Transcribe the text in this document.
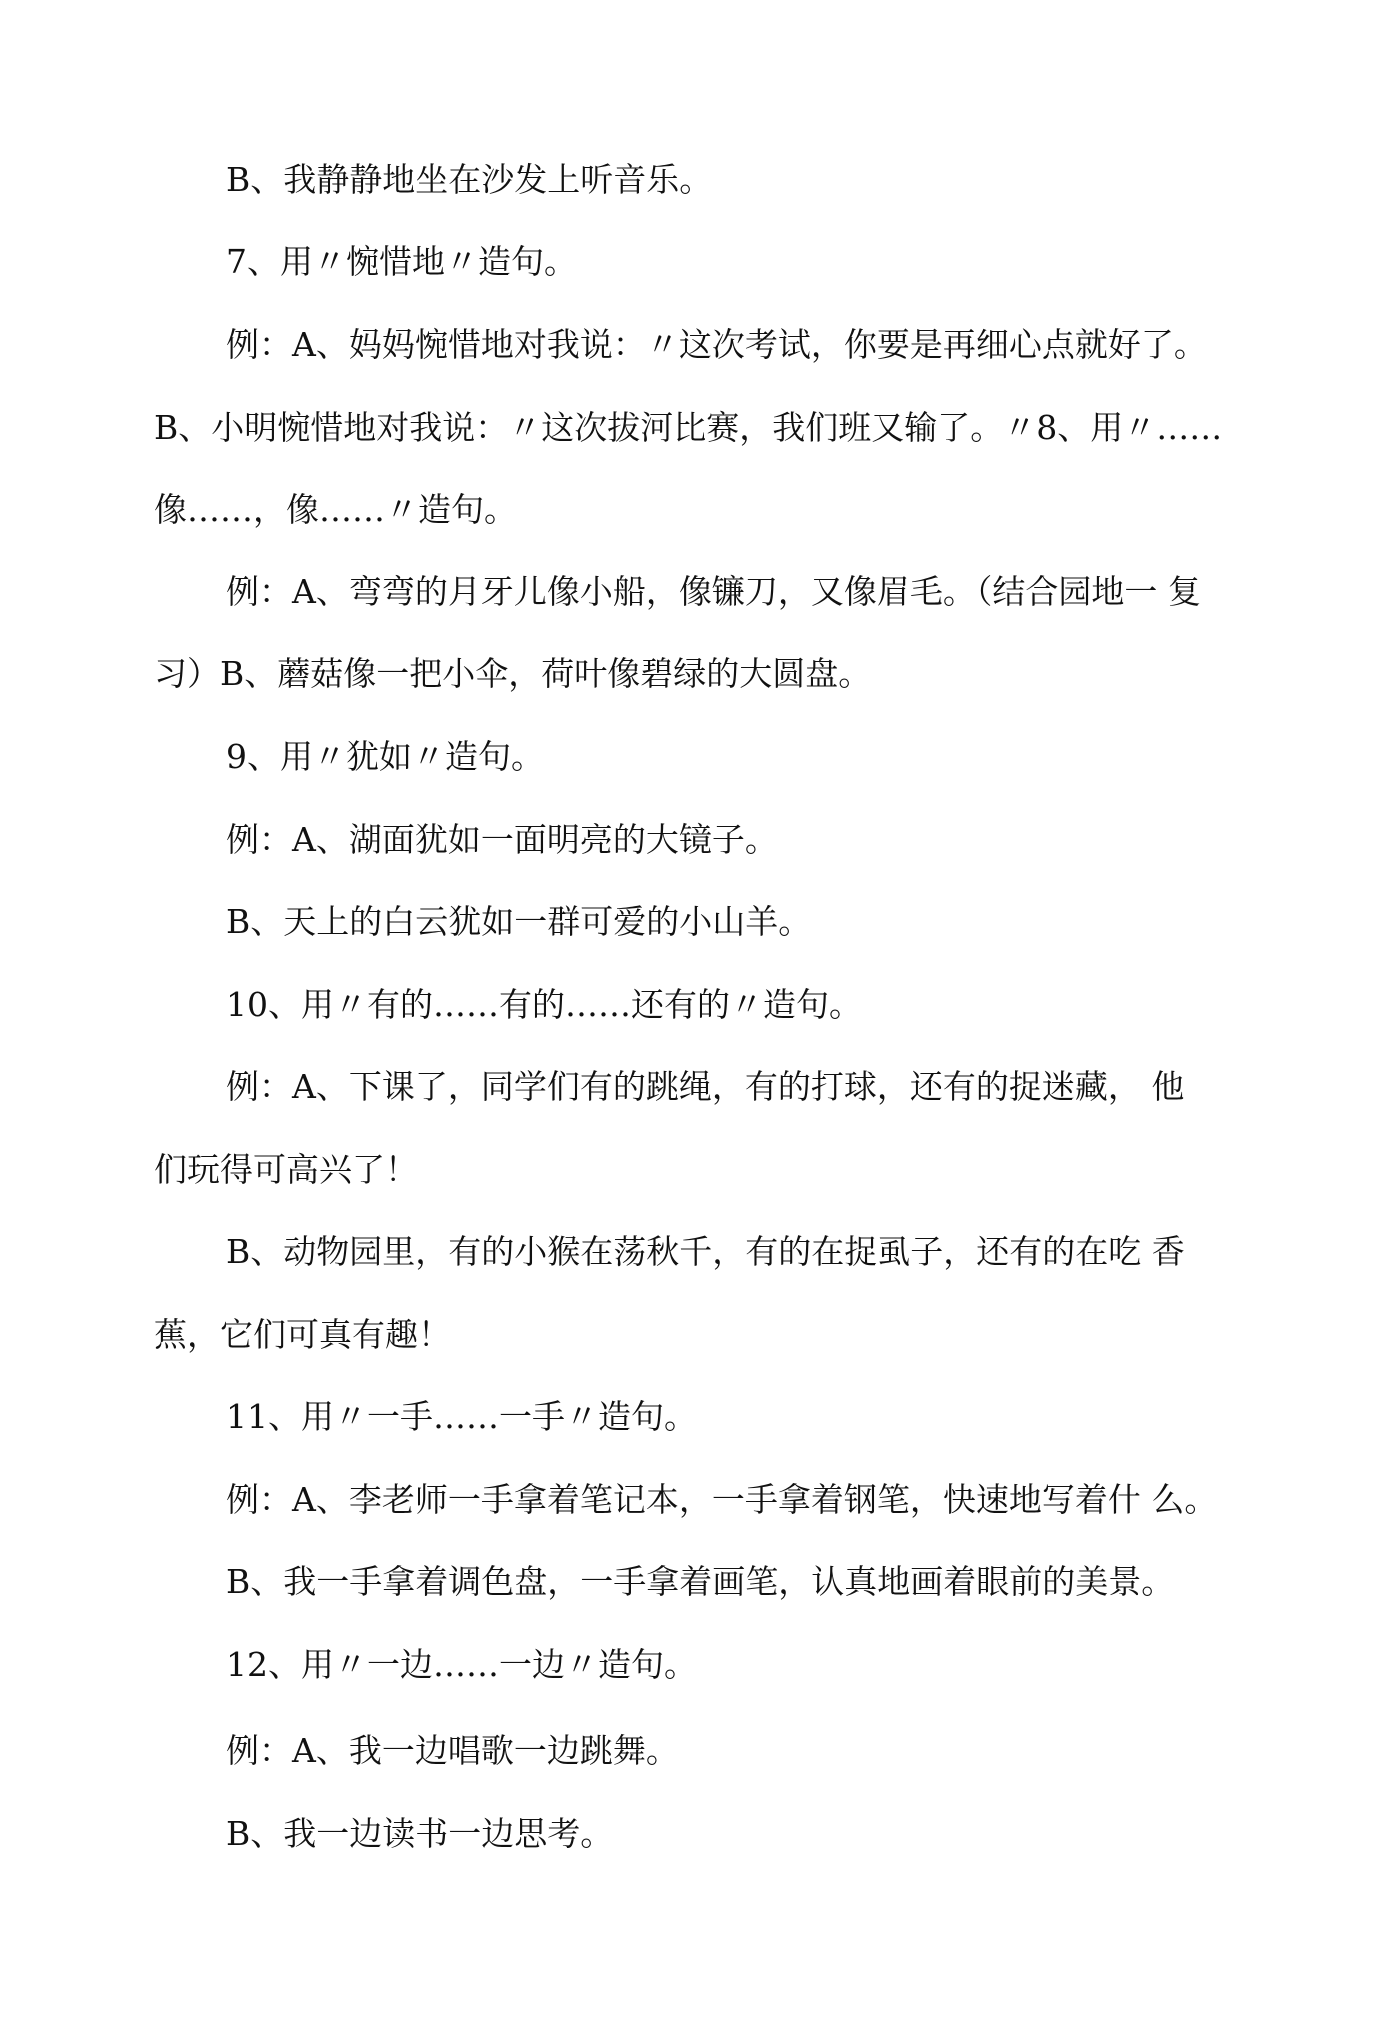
B、我静静地坐在沙发上听音乐。
7、用〃惋惜地〃造句。
例：A、妈妈惋惜地对我说：〃这次考试，你要是再细心点就好了。
B、小明惋惜地对我说：〃这次拔河比赛，我们班又输了。〃8、用〃……
像……，像……〃造句。
例：A、弯弯的月牙儿像小船，像镰刀，又像眉毛。（结合园地一 复
习）B、蘑菇像一把小伞，荷叶像碧绿的大圆盘。
9、用〃犹如〃造句。
例：A、湖面犹如一面明亮的大镜子。
B、天上的白云犹如一群可爱的小山羊。
10、用〃有的……有的……还有的〃造句。
例：A、下课了，同学们有的跳绳，有的打球，还有的捉迷藏， 他
们玩得可高兴了！
B、动物园里，有的小猴在荡秋千，有的在捉虱子，还有的在吃 香
蕉，它们可真有趣！
11、用〃一手……一手〃造句。
例：A、李老师一手拿着笔记本，一手拿着钢笔，快速地写着什 么。
B、我一手拿着调色盘，一手拿着画笔，认真地画着眼前的美景。
12、用〃一边……一边〃造句。
例：A、我一边唱歌一边跳舞。
B、我一边读书一边思考。
